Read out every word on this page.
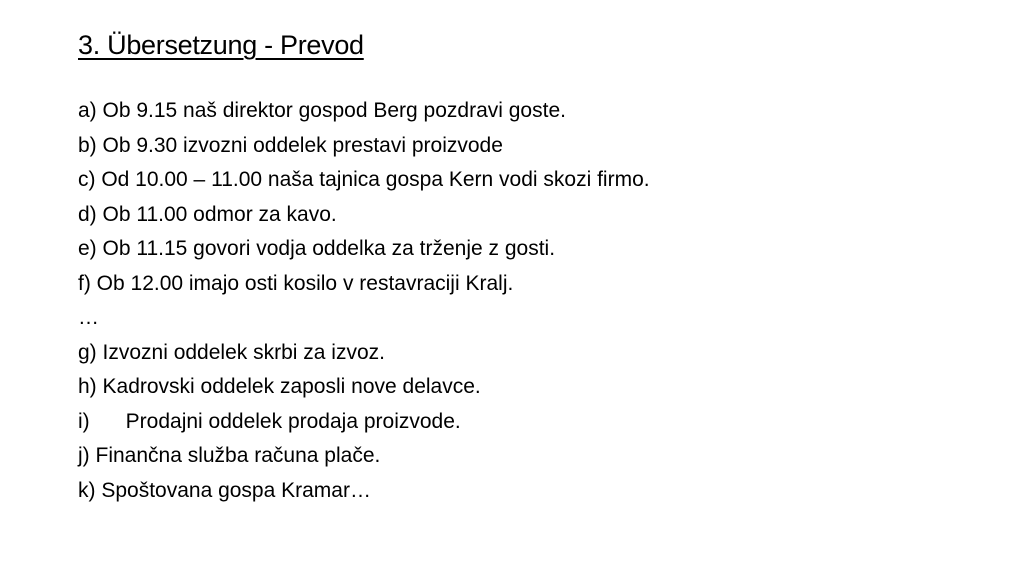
3. Übersetzung - Prevod
a) Ob 9.15 naš direktor gospod Berg pozdravi goste.
b) Ob 9.30 izvozni oddelek prestavi proizvode
c) Od 10.00 – 11.00 naša tajnica gospa Kern vodi skozi firmo.
d) Ob 11.00 odmor za kavo.
e) Ob 11.15 govori vodja oddelka za trženje z gosti.
f) Ob 12.00 imajo osti kosilo v restavraciji Kralj.
…
g) Izvozni oddelek skrbi za izvoz.
h) Kadrovski oddelek zaposli nove delavce.
i) Prodajni oddelek prodaja proizvode.
j) Finančna služba računa plače.
k) Spoštovana gospa Kramar…
